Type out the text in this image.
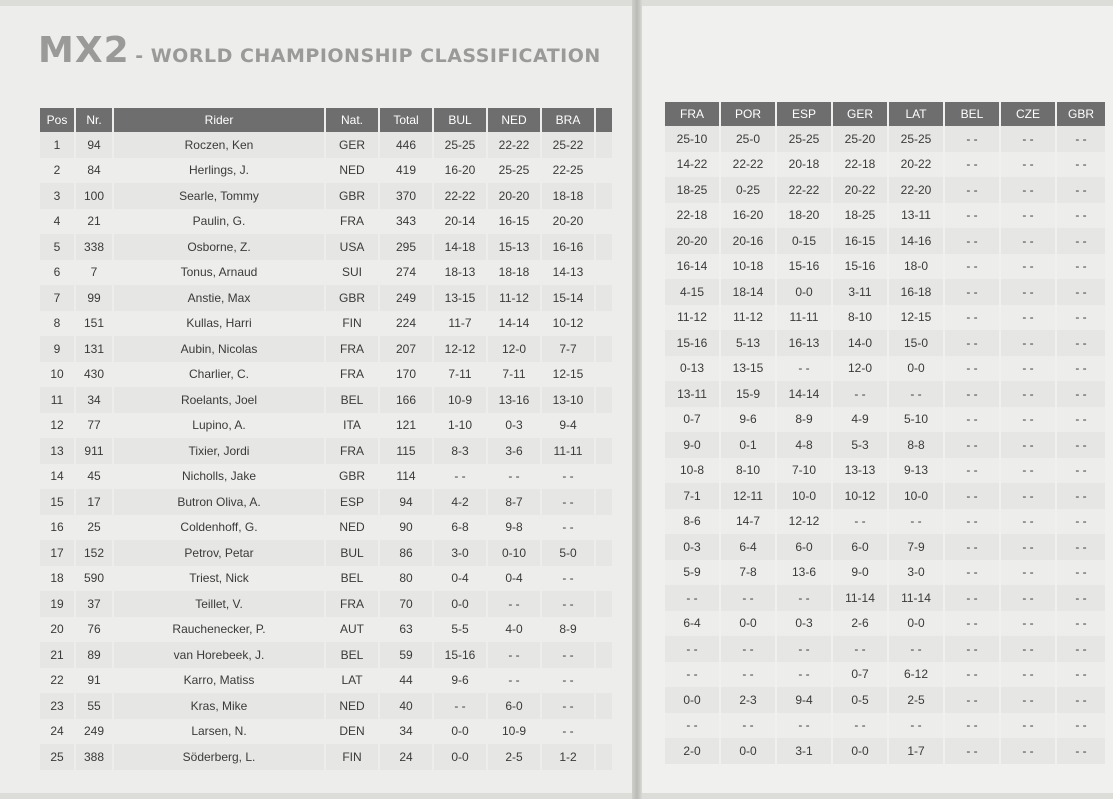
MX2 - WORLD CHAMPIONSHIP CLASSIFICATION
Pos	Nr.	Rider	Nat.	Total	BUL	NED	BRA	
1	94	Roczen, Ken	GER	446	25-25	22-22	25-22	
2	84	Herlings, J.	NED	419	16-20	25-25	22-25	
3	100	Searle, Tommy	GBR	370	22-22	20-20	18-18	
4	21	Paulin, G.	FRA	343	20-14	16-15	20-20	
5	338	Osborne, Z.	USA	295	14-18	15-13	16-16	
6	7	Tonus, Arnaud	SUI	274	18-13	18-18	14-13	
7	99	Anstie, Max	GBR	249	13-15	11-12	15-14	
8	151	Kullas, Harri	FIN	224	11-7	14-14	10-12	
9	131	Aubin, Nicolas	FRA	207	12-12	12-0	7-7	
10	430	Charlier, C.	FRA	170	7-11	7-11	12-15	
11	34	Roelants, Joel	BEL	166	10-9	13-16	13-10	
12	77	Lupino, A.	ITA	121	1-10	0-3	9-4	
13	911	Tixier, Jordi	FRA	115	8-3	3-6	11-11	
14	45	Nicholls, Jake	GBR	114	- -	- -	- -	
15	17	Butron Oliva, A.	ESP	94	4-2	8-7	- -	
16	25	Coldenhoff, G.	NED	90	6-8	9-8	- -	
17	152	Petrov, Petar	BUL	86	3-0	0-10	5-0	
18	590	Triest, Nick	BEL	80	0-4	0-4	- -	
19	37	Teillet, V.	FRA	70	0-0	- -	- -	
20	76	Rauchenecker, P.	AUT	63	5-5	4-0	8-9	
21	89	van Horebeek, J.	BEL	59	15-16	- -	- -	
22	91	Karro, Matiss	LAT	44	9-6	- -	- -	
23	55	Kras, Mike	NED	40	- -	6-0	- -	
24	249	Larsen, N.	DEN	34	0-0	10-9	- -	
25	388	Söderberg, L.	FIN	24	0-0	2-5	1-2	
FRA	POR	ESP	GER	LAT	BEL	CZE	GBR
25-10	25-0	25-25	25-20	25-25	- -	- -	- -
14-22	22-22	20-18	22-18	20-22	- -	- -	- -
18-25	0-25	22-22	20-22	22-20	- -	- -	- -
22-18	16-20	18-20	18-25	13-11	- -	- -	- -
20-20	20-16	0-15	16-15	14-16	- -	- -	- -
16-14	10-18	15-16	15-16	18-0	- -	- -	- -
4-15	18-14	0-0	3-11	16-18	- -	- -	- -
11-12	11-12	11-11	8-10	12-15	- -	- -	- -
15-16	5-13	16-13	14-0	15-0	- -	- -	- -
0-13	13-15	- -	12-0	0-0	- -	- -	- -
13-11	15-9	14-14	- -	- -	- -	- -	- -
0-7	9-6	8-9	4-9	5-10	- -	- -	- -
9-0	0-1	4-8	5-3	8-8	- -	- -	- -
10-8	8-10	7-10	13-13	9-13	- -	- -	- -
7-1	12-11	10-0	10-12	10-0	- -	- -	- -
8-6	14-7	12-12	- -	- -	- -	- -	- -
0-3	6-4	6-0	6-0	7-9	- -	- -	- -
5-9	7-8	13-6	9-0	3-0	- -	- -	- -
- -	- -	- -	11-14	11-14	- -	- -	- -
6-4	0-0	0-3	2-6	0-0	- -	- -	- -
- -	- -	- -	- -	- -	- -	- -	- -
- -	- -	- -	0-7	6-12	- -	- -	- -
0-0	2-3	9-4	0-5	2-5	- -	- -	- -
- -	- -	- -	- -	- -	- -	- -	- -
2-0	0-0	3-1	0-0	1-7	- -	- -	- -
